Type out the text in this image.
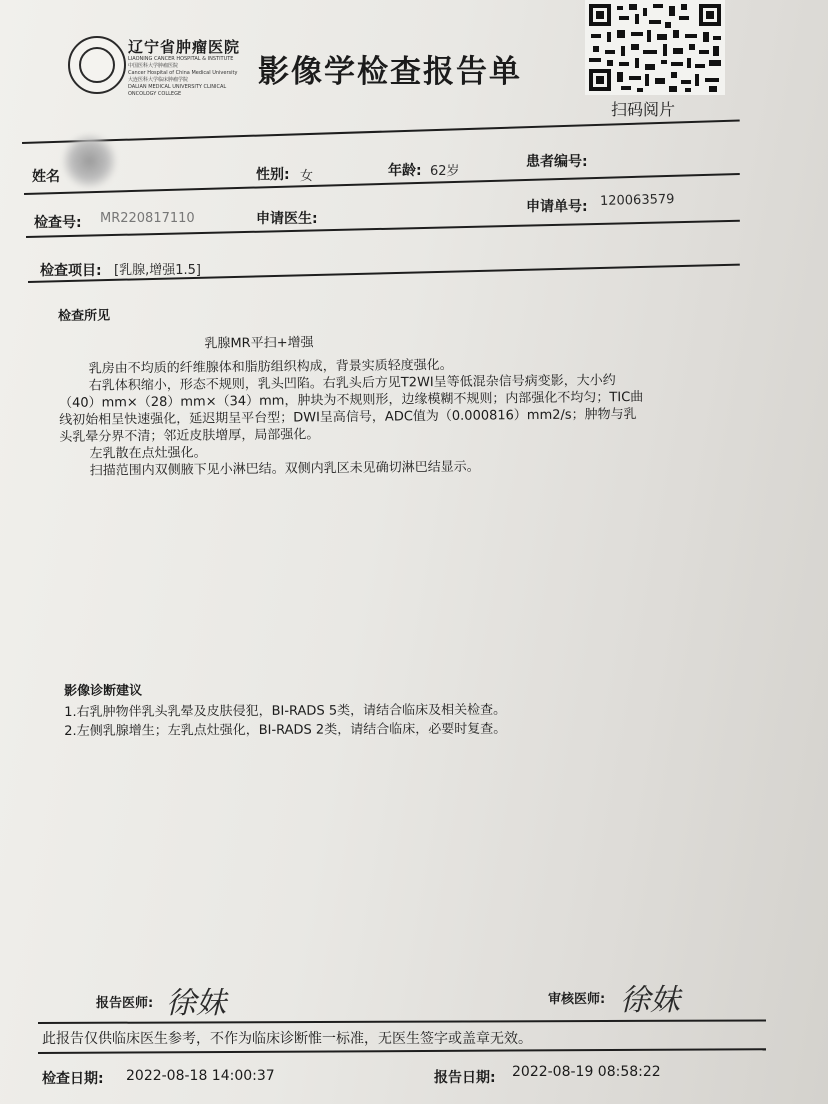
辽宁省肿瘤医院
LIAONING CANCER HOSPITAL & INSTITUTE
中国医科大学肿瘤医院
Cancer Hospital of China Medical University
大连医科大学临床肿瘤学院
DALIAN MEDICAL UNIVERSITY CLINICAL ONCOLOGY COLLEGE
影像学检查报告单
扫码阅片
姓名	性别: 女	年龄: 62岁
患者编号:
检查号: MR220817110	申请医生:
申请单号: 120063579
检查项目: [乳腺,增强1.5]
检查所见
乳腺MR平扫+增强
乳房由不均质的纤维腺体和脂肪组织构成，背景实质轻度强化。
右乳体积缩小，形态不规则，乳头凹陷。右乳头后方见T2WI呈等低混杂信号病变影，大小约
（40）mm×（28）mm×（34）mm，肿块为不规则形，边缘模糊不规则；内部强化不均匀；TIC曲
线初始相呈快速强化，延迟期呈平台型；DWI呈高信号，ADC值为（0.000816）mm2/s；肿物与乳
头乳晕分界不清；邻近皮肤增厚，局部强化。
左乳散在点灶强化。
扫描范围内双侧腋下见小淋巴结。双侧内乳区未见确切淋巴结显示。
影像诊断建议
1.右乳肿物伴乳头乳晕及皮肤侵犯，BI-RADS 5类，请结合临床及相关检查。
2.左侧乳腺增生；左乳点灶强化，BI-RADS 2类，请结合临床，必要时复查。
报告医师: 徐妹	审核医师: 徐妹
此报告仅供临床医生参考，不作为临床诊断惟一标准，无医生签字或盖章无效。
检查日期: 2022-08-18 14:00:37	报告日期: 2022-08-19 08:58:22
